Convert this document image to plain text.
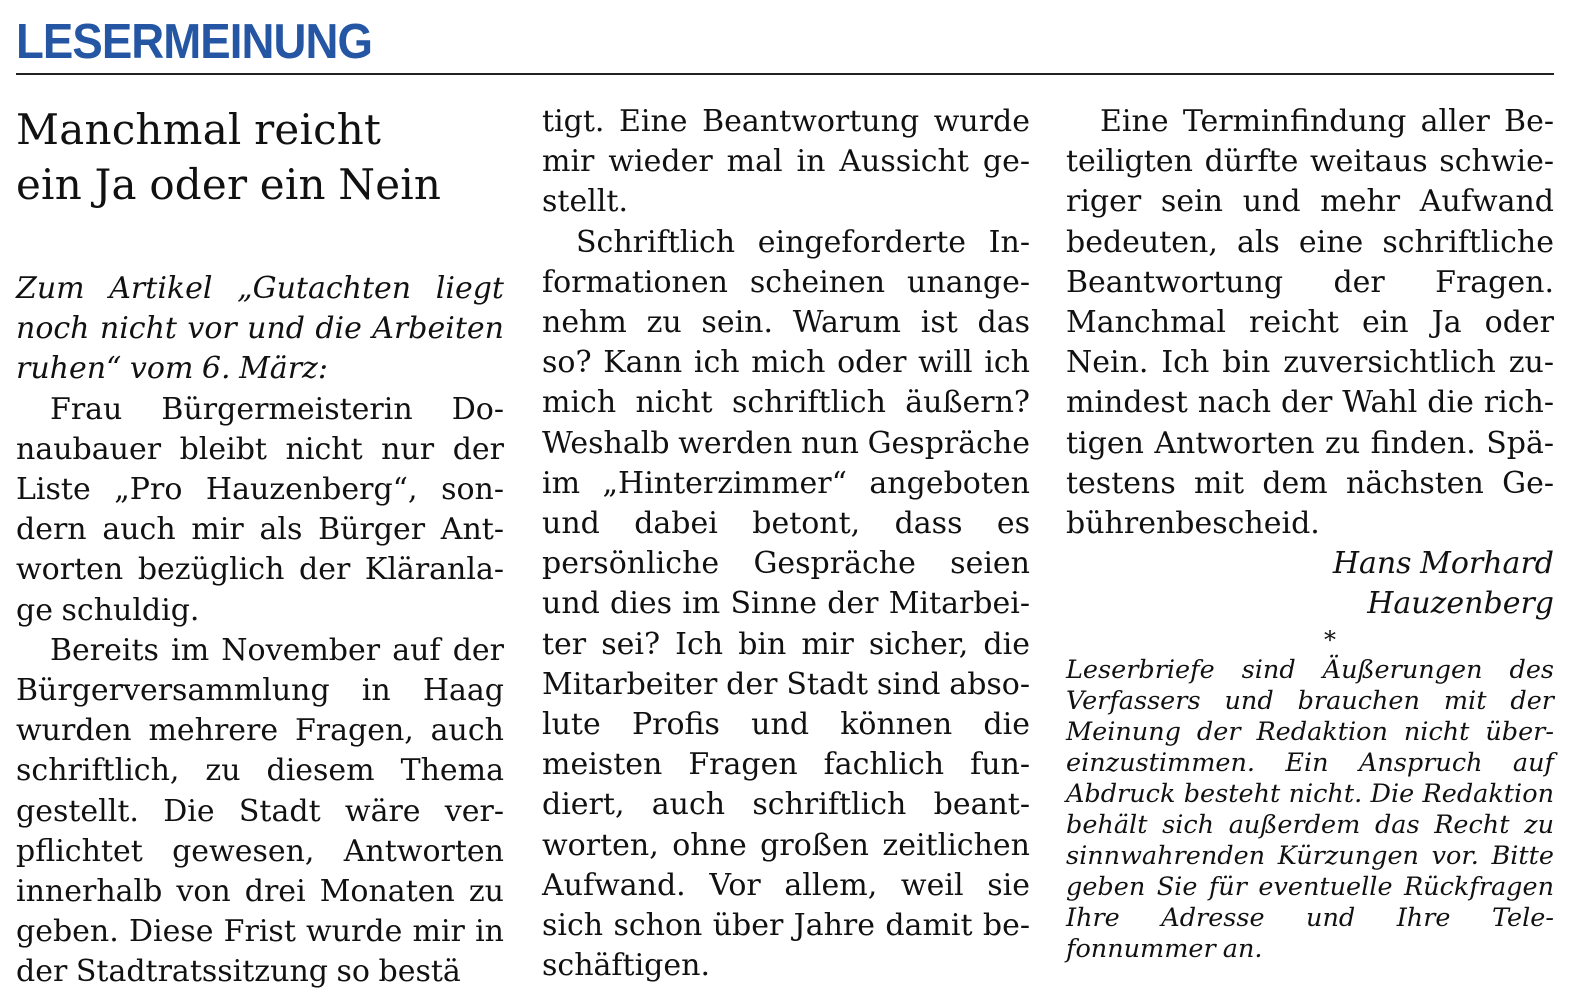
LESERMEINUNG
Manchmal reicht
ein Ja oder ein Nein

Zum Artikel „Gutachten liegt noch nicht vor und die Arbeiten ruhen“ vom 6. März:

Frau Bürgermeisterin Donaubauer bleibt nicht nur der Liste „Pro Hauzenberg“, sondern auch mir als Bürger Antworten bezüglich der Kläranlage schuldig.

Bereits im November auf der Bürgerversammlung in Haag wurden mehrere Fragen, auch schriftlich, zu diesem Thema gestellt. Die Stadt wäre verpflichtet gewesen, Antworten innerhalb von drei Monaten zu geben. Diese Frist wurde mir in der Stadtratssitzung so bestä

tigt. Eine Beantwortung wurde mir wieder mal in Aussicht gestellt.

Schriftlich eingeforderte Informationen scheinen unangenehm zu sein. Warum ist das so? Kann ich mich oder will ich mich nicht schriftlich äußern? Weshalb werden nun Gespräche im „Hinterzimmer“ angeboten und dabei betont, dass es persönliche Gespräche seien und dies im Sinne der Mitarbeiter sei? Ich bin mir sicher, die Mitarbeiter der Stadt sind absolute Profis und können die meisten Fragen fachlich fundiert, auch schriftlich beantworten, ohne großen zeitlichen Aufwand. Vor allem, weil sie sich schon über Jahre damit beschäftigen.

Eine Terminfindung aller Beteiligten dürfte weitaus schwieriger sein und mehr Aufwand bedeuten, als eine schriftliche Beantwortung der Fragen. Manchmal reicht ein Ja oder Nein. Ich bin zuversichtlich zumindest nach der Wahl die richtigen Antworten zu finden. Spätestens mit dem nächsten Gebührenbescheid.

Hans Morhard

Hauzenberg

*

Leserbriefe sind Äußerungen des Verfassers und brauchen mit der Meinung der Redaktion nicht übereinzustimmen. Ein Anspruch auf Abdruck besteht nicht. Die Redaktion behält sich außerdem das Recht zu sinnwahrenden Kürzungen vor. Bitte geben Sie für eventuelle Rückfragen Ihre Adresse und Ihre Telefonnummer an.
